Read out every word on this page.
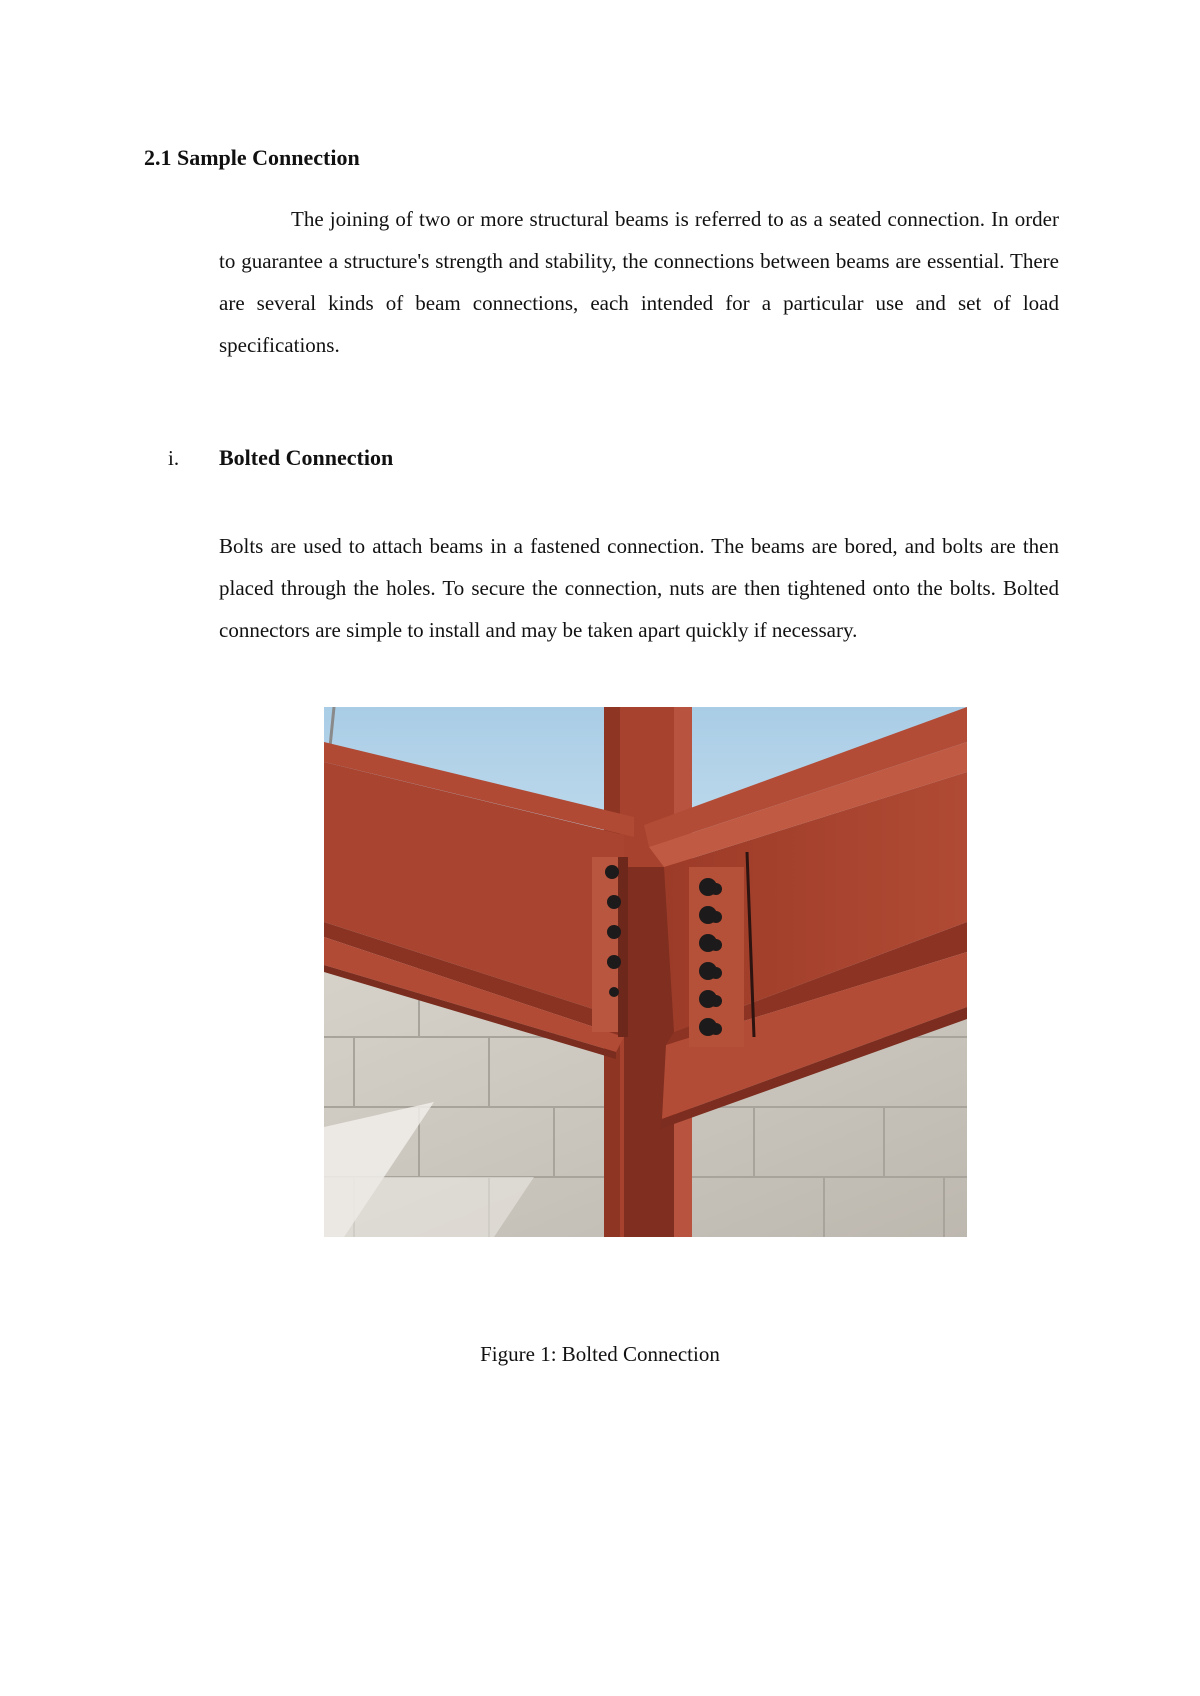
2.1 Sample Connection

The joining of two or more structural beams is referred to as a seated connection. In order to guarantee a structure's strength and stability, the connections between beams are essential. There are several kinds of beam connections, each intended for a particular use and set of load specifications.

i. Bolted Connection

Bolts are used to attach beams in a fastened connection. The beams are bored, and bolts are then placed through the holes. To secure the connection, nuts are then tightened onto the bolts. Bolted connectors are simple to install and may be taken apart quickly if necessary.

Figure 1: Bolted Connection
